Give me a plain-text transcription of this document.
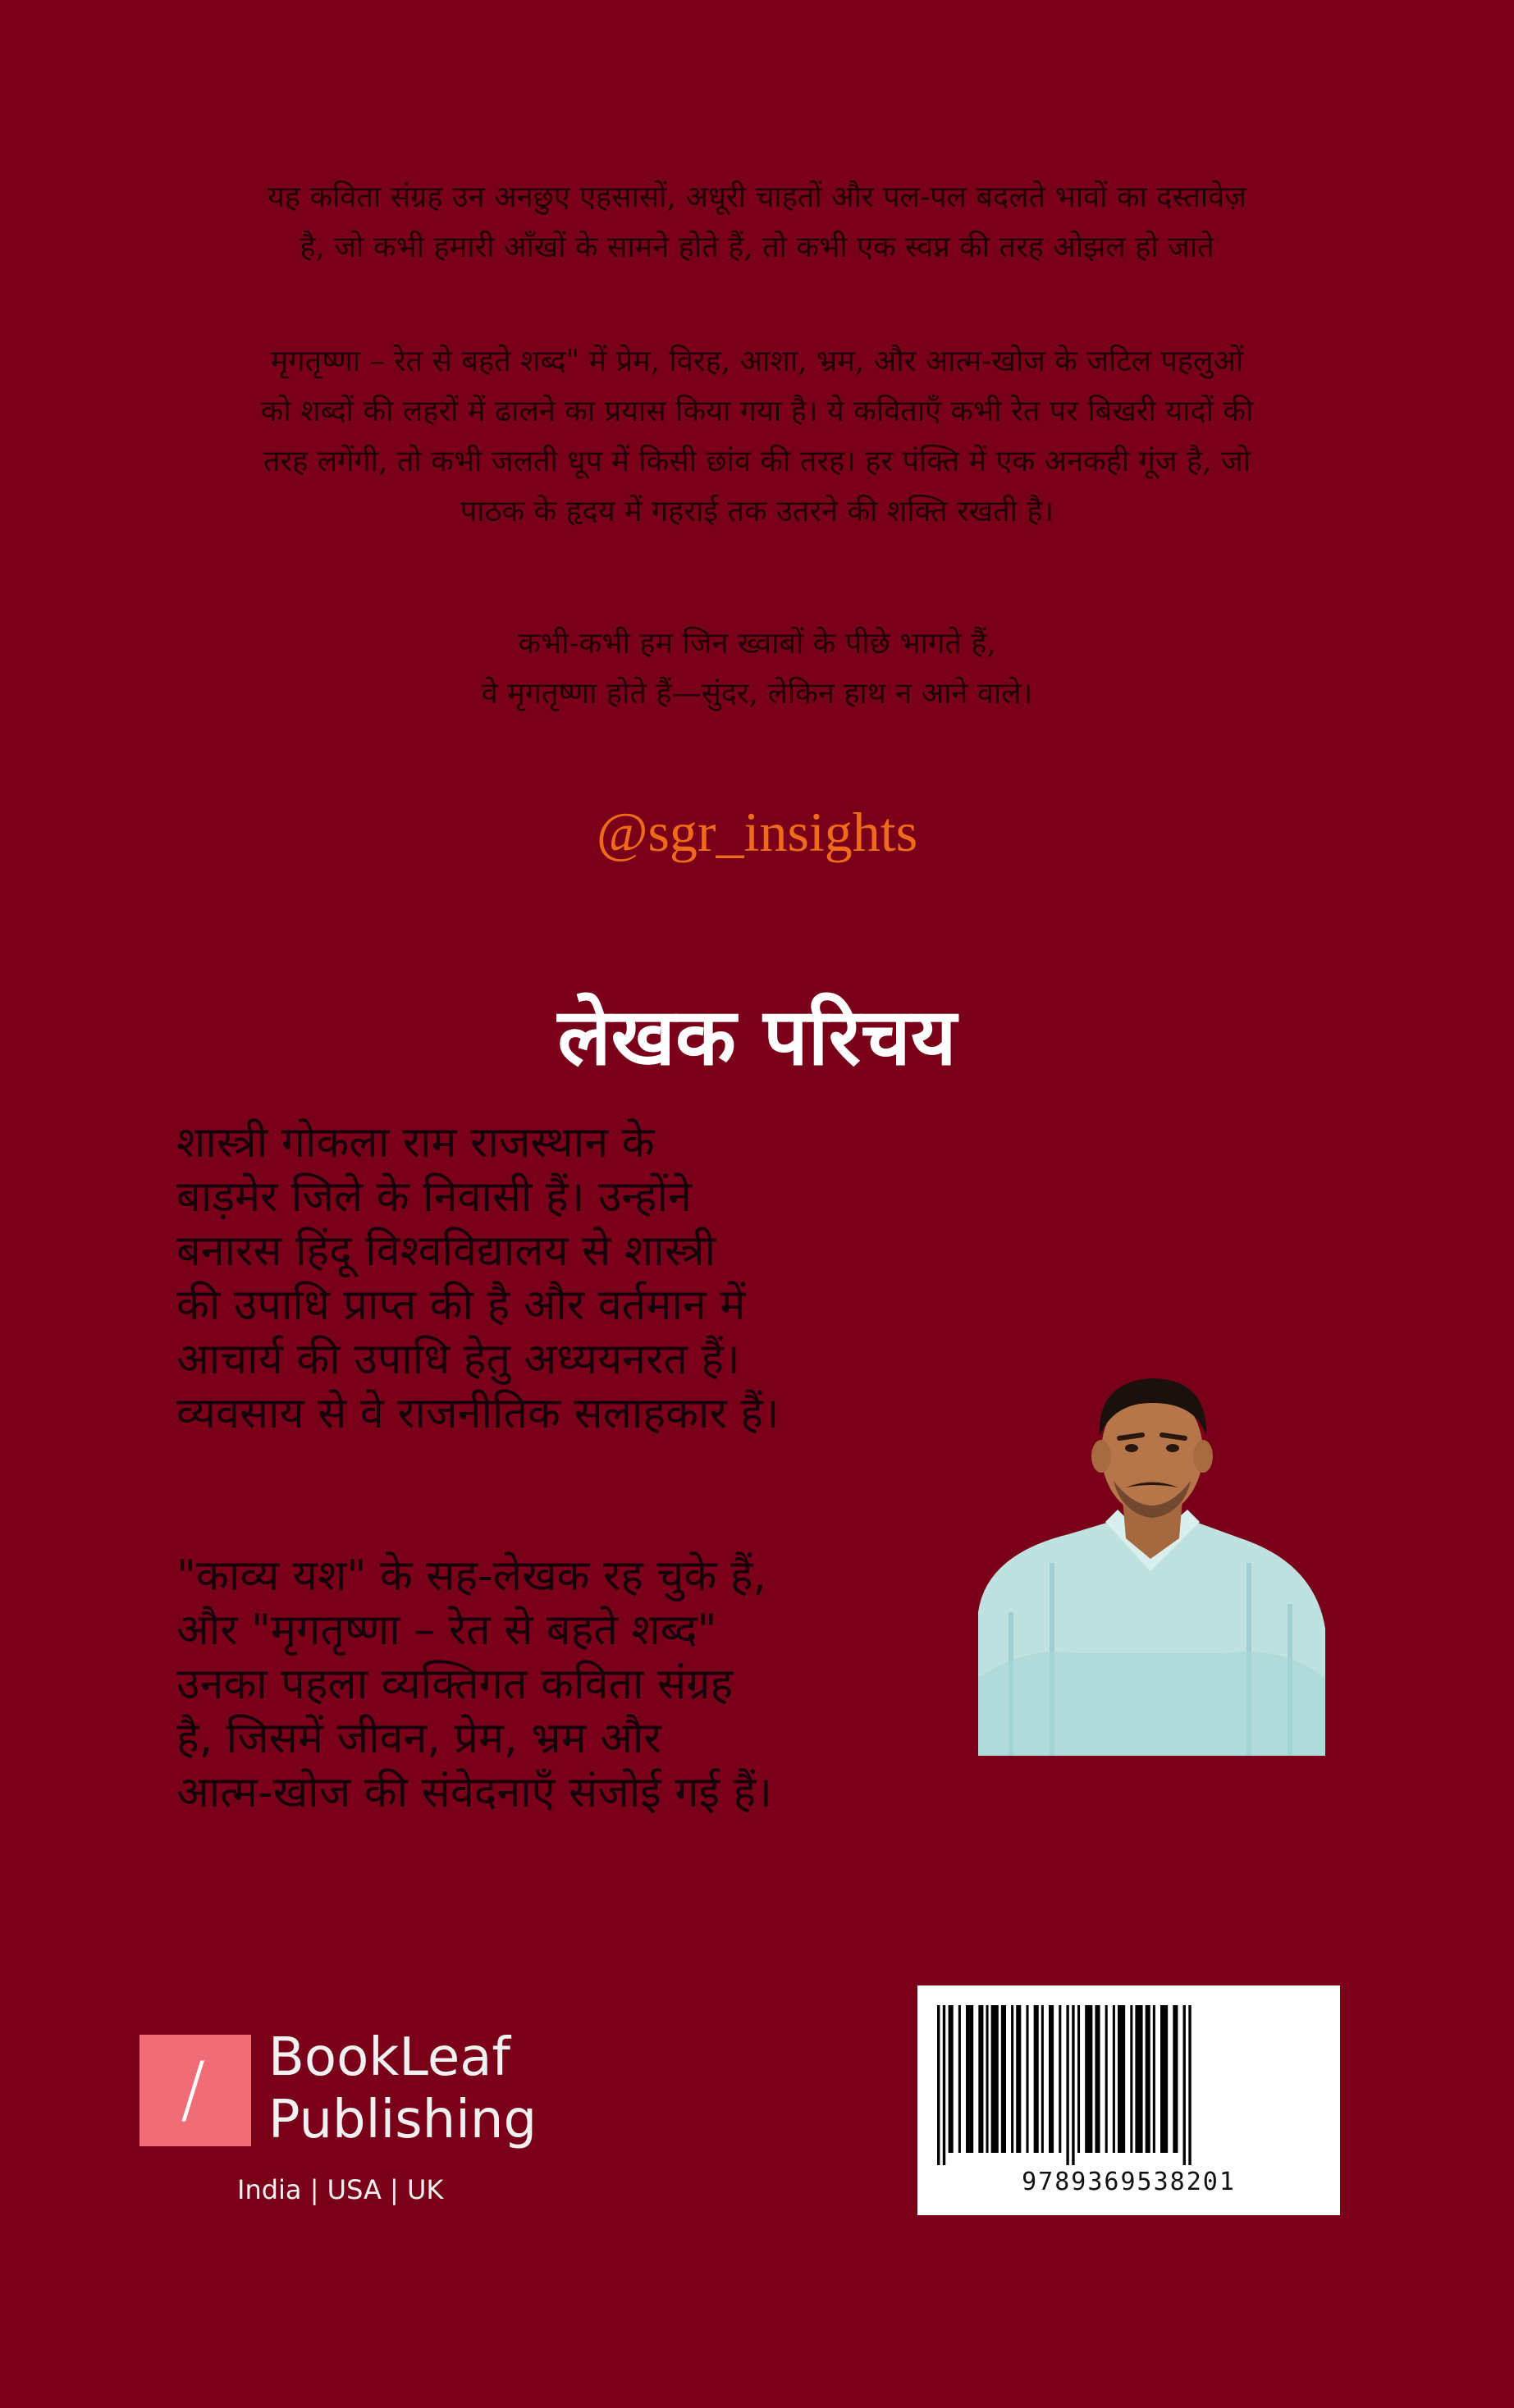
यह कविता संग्रह उन अनछुए एहसासों, अधूरी चाहतों और पल-पल बदलते भावों का दस्तावेज़

है, जो कभी हमारी आँखों के सामने होते हैं, तो कभी एक स्वप्न की तरह ओझल हो जाते

मृगतृष्णा – रेत से बहते शब्द" में प्रेम, विरह, आशा, भ्रम, और आत्म-खोज के जटिल पहलुओं

को शब्दों की लहरों में ढालने का प्रयास किया गया है। ये कविताएँ कभी रेत पर बिखरी यादों की

तरह लगेंगी, तो कभी जलती धूप में किसी छांव की तरह। हर पंक्ति में एक अनकही गूंज है, जो

पाठक के हृदय में गहराई तक उतरने की शक्ति रखती है।

कभी-कभी हम जिन ख्वाबों के पीछे भागते हैं,

वे मृगतृष्णा होते हैं—सुंदर, लेकिन हाथ न आने वाले।

@sgr_insights
लेखक परिचय

शास्त्री गोकला राम राजस्थान के

बाड़मेर जिले के निवासी हैं। उन्होंने

बनारस हिंदू विश्वविद्यालय से शास्त्री

की उपाधि प्राप्त की है और वर्तमान में

आचार्य की उपाधि हेतु अध्ययनरत हैं।

व्यवसाय से वे राजनीतिक सलाहकार हैं।

"काव्य यश" के सह-लेखक रह चुके हैं,

और "मृगतृष्णा – रेत से बहते शब्द"

उनका पहला व्यक्तिगत कविता संग्रह

है, जिसमें जीवन, प्रेम, भ्रम और

आत्म-खोज की संवेदनाएँ संजोई गई हैं।

/ BookLeaf
Publishing
India | USA | UK	9789369538201
